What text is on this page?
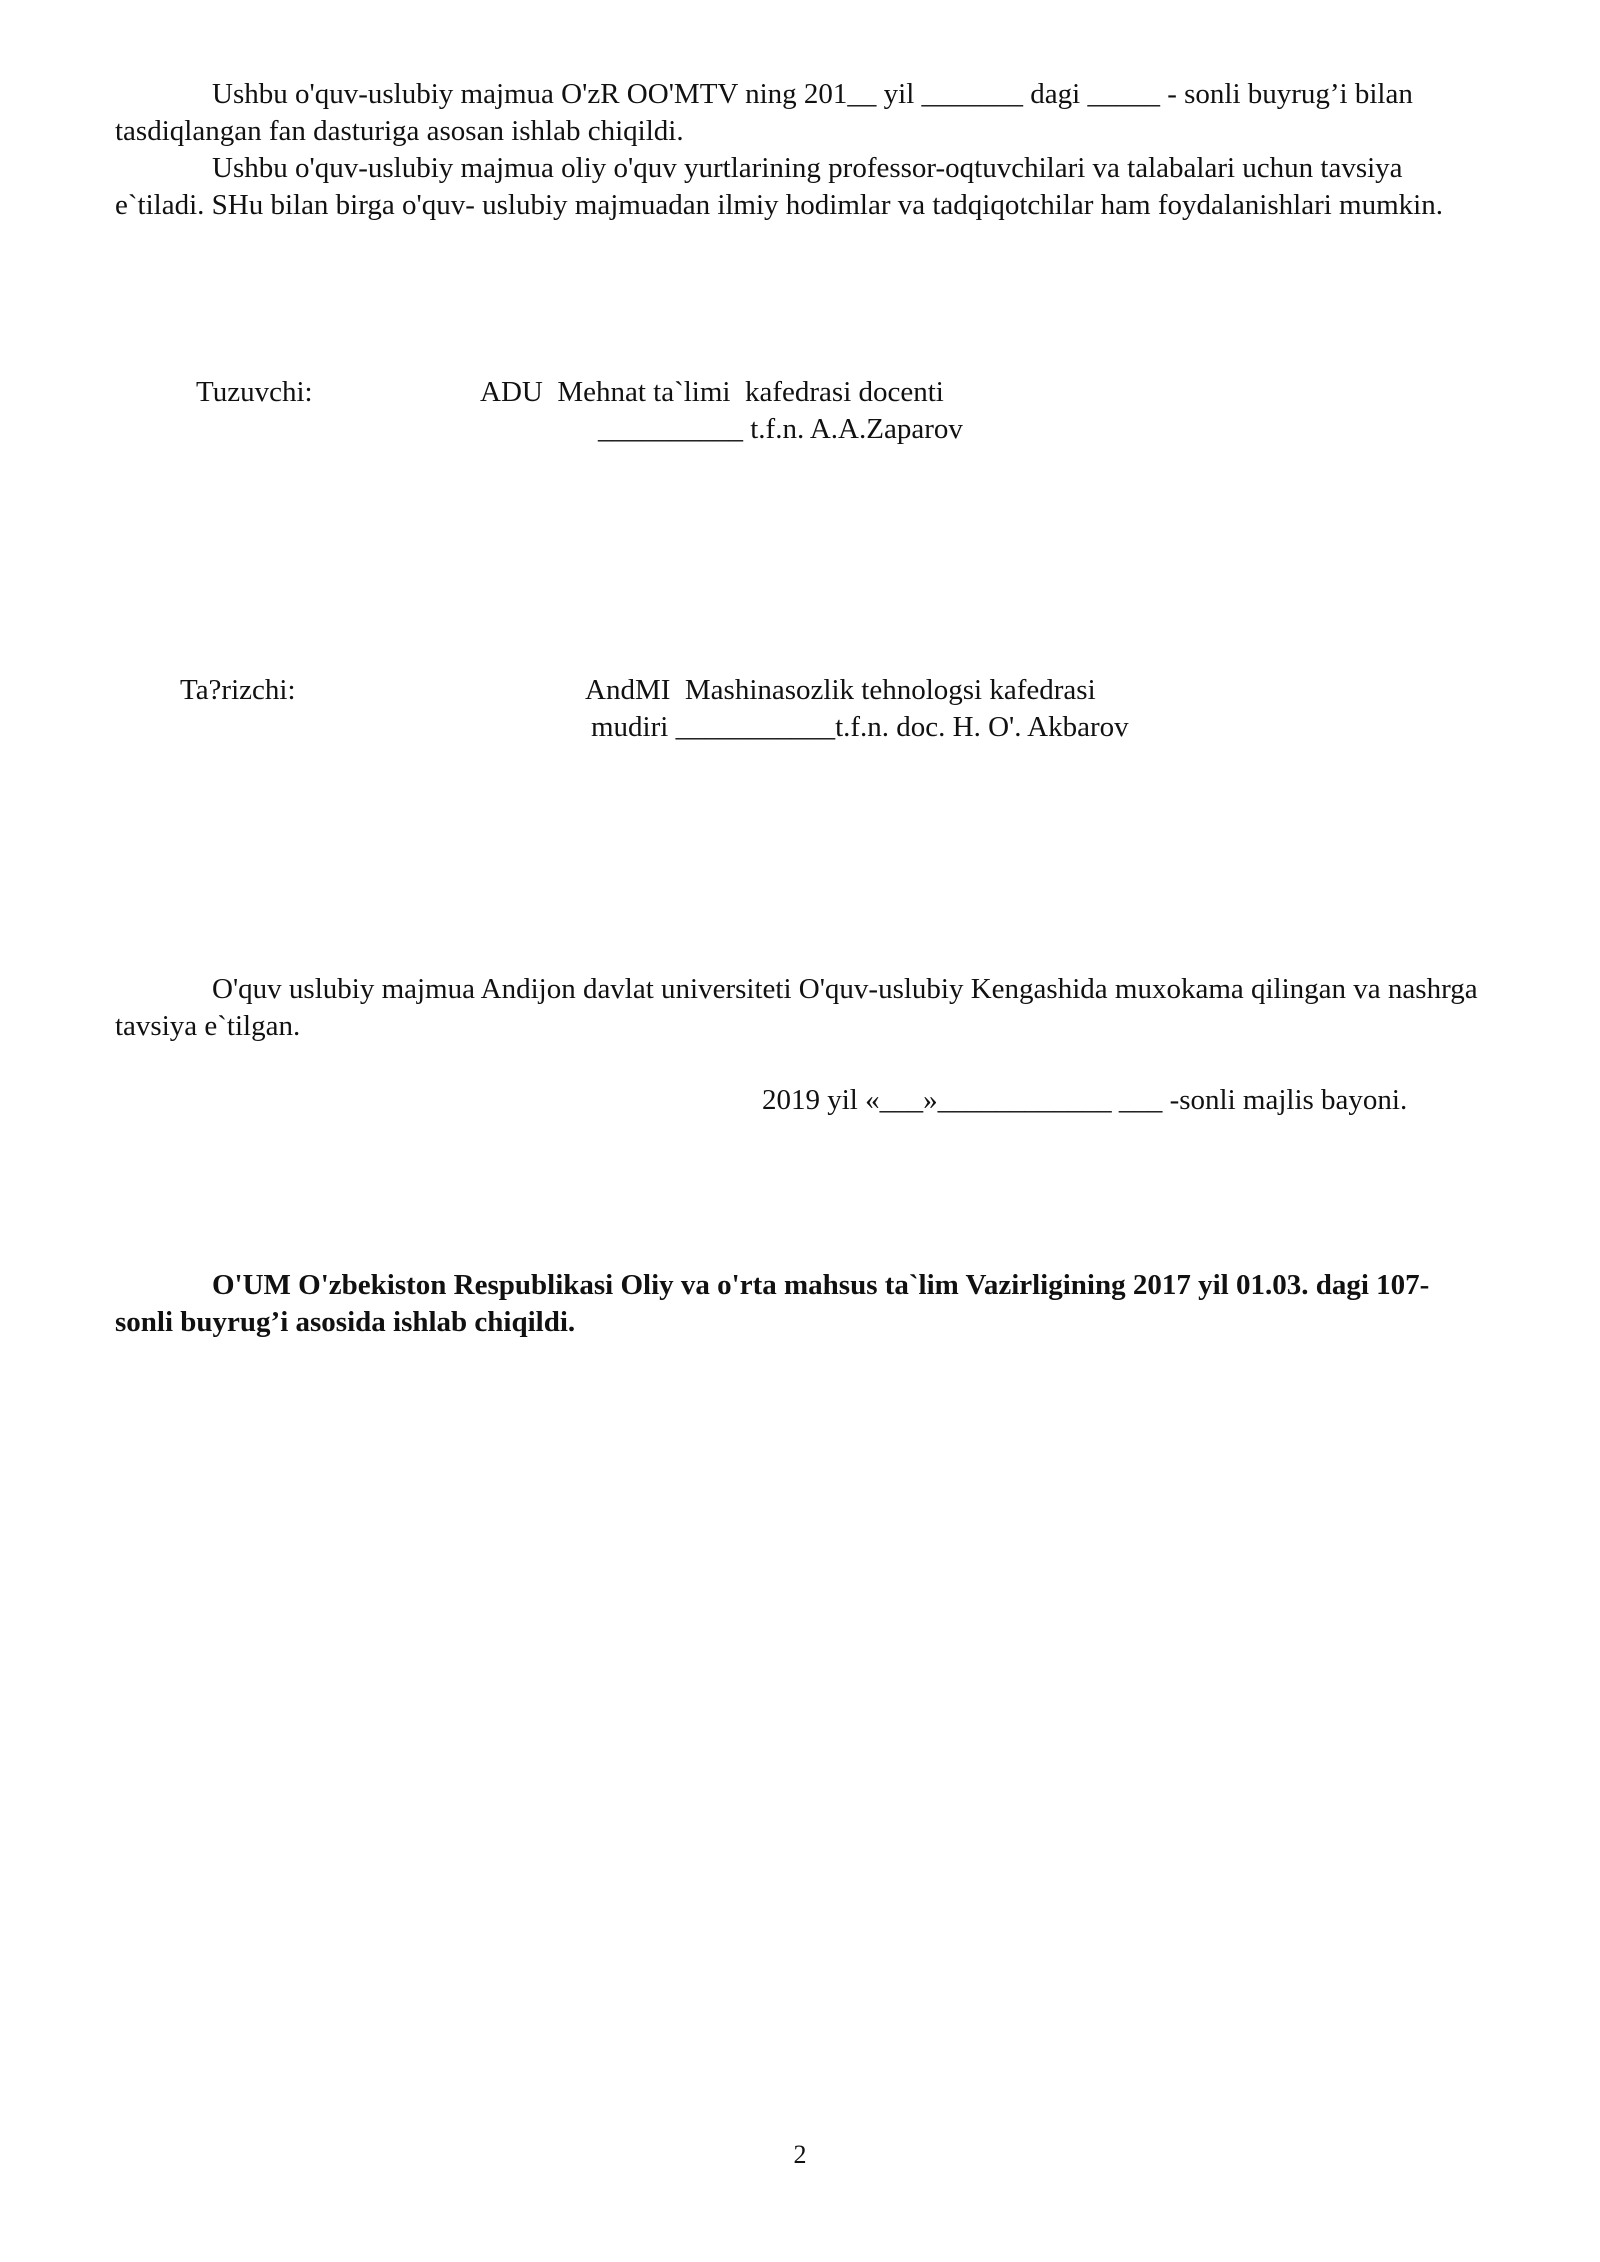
Ushbu o'quv-uslubiy majmua O'zR OO'MTV ning 201__ yil _______ dagi _____ - sonli buyrug’i bilan tasdiqlangan fan dasturiga asosan ishlab chiqildi.

Ushbu o'quv-uslubiy majmua oliy o'quv yurtlarining professor-oqtuvchilari va talabalari uchun tavsiya e`tiladi. SHu bilan birga o'quv- uslubiy majmuadan ilmiy hodimlar va tadqiqotchilar ham foydalanishlari mumkin.

Tuzuvchi:	ADU  Mehnat ta`limi  kafedrasi docenti

__________ t.f.n. A.A.Zaparov

Ta?rizchi:	AndMI  Mashinasozlik tehnologsi kafedrasi

mudiri ___________t.f.n. doc. H. O'. Akbarov

O'quv uslubiy majmua Andijon davlat universiteti O'quv-uslubiy Kengashida muxokama qilingan va nashrga tavsiya e`tilgan.

2019 yil «___»____________ ___ -sonli majlis bayoni.

O'UM O'zbekiston Respublikasi Oliy va o'rta mahsus ta`lim Vazirligining 2017 yil 01.03. dagi 107-sonli buyrug’i asosida ishlab chiqildi.

2
